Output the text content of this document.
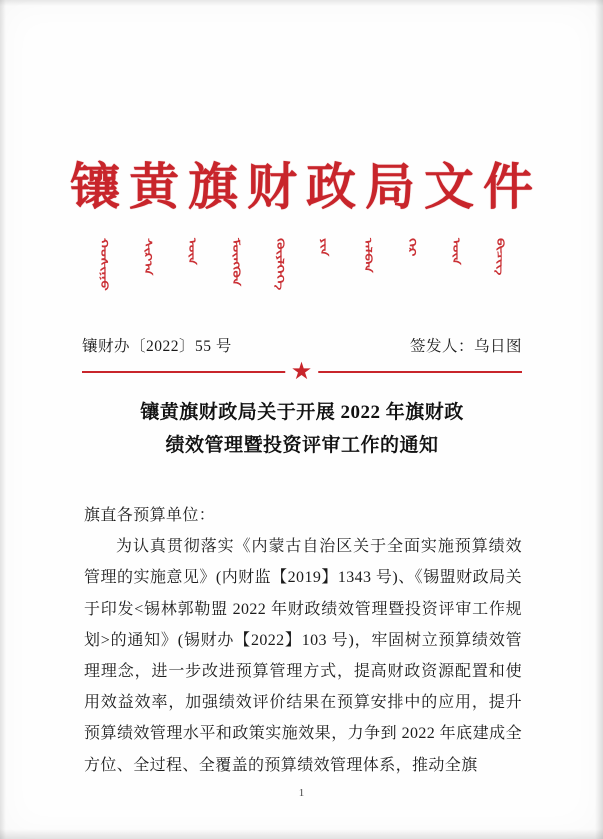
镶黄旗财政局文件
ᠬᠤᠰᠢᠭᠤ ᠰᠢᠷ᠎ᠠ ᠦᠨ ᠮᠥᠩᠭᠦᠨ ᠭᠦᠶᠯᠭᠡᠭᠡ ᠶᠢᠨ ᠠᠯᠪᠠᠨ ᠭᠡᠷ ᠦᠨ ᠪᠢᠴᠢᠭ
镶财办〔2022〕55 号	签发人：乌日图
★
镶黄旗财政局关于开展 2022 年旗财政
绩效管理暨投资评审工作的通知

旗直各预算单位：

为认真贯彻落实《内蒙古自治区关于全面实施预算绩效管理的实施意见》(内财监【2019】1343 号)、《锡盟财政局关于印发<锡林郭勒盟 2022 年财政绩效管理暨投资评审工作规划>的通知》(锡财办【2022】103 号)，牢固树立预算绩效管理理念，进一步改进预算管理方式，提高财政资源配置和使用效益效率，加强绩效评价结果在预算安排中的应用，提升预算绩效管理水平和政策实施效果，力争到 2022 年底建成全方位、全过程、全覆盖的预算绩效管理体系，推动全旗

1
